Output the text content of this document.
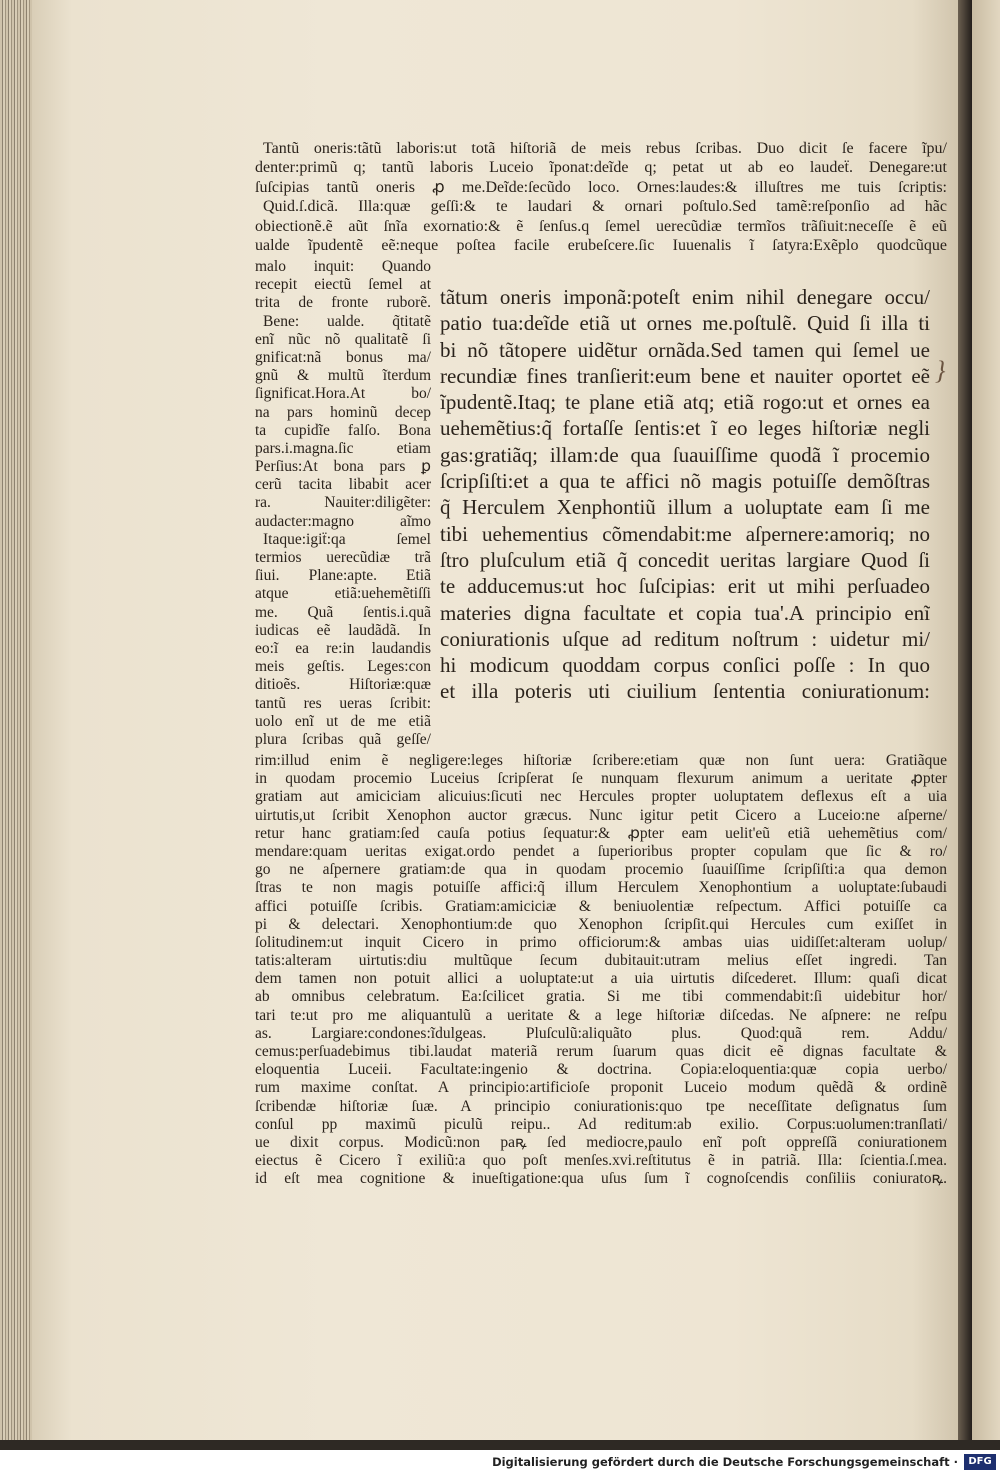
Tantũ oneris:tãtũ laboris:ut totã hiſtoriã de meis rebus ſcribas. Duo dicit ſe facere ĩpu/
denter:primũ q; tantũ laboris Luceio ĩponat:deĩde q; petat ut ab eo laudeẗ. Denegare:ut
ſuſcipias tantũ oneris ꝓ me.Deĩde:ſecũdo loco. Ornes:laudes:& illuſtres me tuis ſcriptis:
Quid.ſ.dicã. Illa:quæ geſſi:& te laudari & ornari poſtulo.Sed tamẽ:reſponſio ad hãc
obiectionẽ.ẽ aũt ſnĩa exornatio:& ẽ ſenſus.q ſemel uerecũdiæ termĩos trãſiuit:neceſſe ẽ eũ
ualde ĩpudentẽ eẽ:neque poſtea facile erubeſcere.ſic Iuuenalis ĩ ſatyra:Exẽplo quodcũque
malo inquit: Quando
recepit eiectũ ſemel at
trita de fronte ruborẽ.
Bene: ualde. q̃titatẽ
enĩ nũc nõ qualitatẽ ſi
gnificat:nã bonus ma/
gnũ & multũ ĩterdum
ſignificat.Hora.At bo/
na pars hominũ decep
ta cupidĩe falſo. Bona
pars.i.magna.ſic etiam
Perſius:At bona pars ꝑ
cerũ tacita libabit acer
ra. Nauiter:diligẽter:
audacter:magno aĩmo
Itaque:igiẗ:qa ſemel
termios uerecũdiæ trã
ſiui. Plane:apte. Etiã
atque etiã:uehemẽtiſſi
me. Quã ſentis.i.quã
iudicas eẽ laudãdã. In
eo:ĩ ea re:in laudandis
meis geſtis. Leges:con
ditioẽs. Hiſtoriæ:quæ
tantũ res ueras ſcribit:
uolo enĩ ut de me etiã
plura ſcribas quã geſſe/
tãtum oneris imponã:poteſt enim nihil denegare occu/
patio tua:deĩde etiã ut ornes me.poſtulẽ. Quid ſi illa ti
bi nõ tãtopere uidẽtur ornãda.Sed tamen qui ſemel ue
recundiæ fines tranſierit:eum bene et nauiter oportet eẽ
ĩpudentẽ.Itaq; te plane etiã atq; etiã rogo:ut et ornes ea
uehemẽtius:q̃ fortaſſe ſentis:et ĩ eo leges hiſtoriæ negli
gas:gratiãq; illam:de qua ſuauiſſime quodã ĩ procemio
ſcripſiſti:et a qua te affici nõ magis potuiſſe demõſtras
q̃ Herculem Xenphontiũ illum a uoluptate eam ſi me
tibi uehementius cõmendabit:me aſpernere:amoriq; no
ſtro pluſculum etiã q̃ concedit ueritas largiare Quod ſi
te adducemus:ut hoc ſuſcipias: erit ut mihi perſuadeo
materies digna facultate et copia tua'.A principio enĩ
coniurationis uſque ad reditum noſtrum : uidetur mi/
hi modicum quoddam corpus conſici poſſe : In quo
et illa poteris uti ciuilium ſententia coniurationum:
rim:illud enim ẽ negligere:leges hiſtoriæ ſcribere:etiam quæ non ſunt uera: Gratiãque
in quodam procemio Luceius ſcripſerat ſe nunquam flexurum animum a ueritate ꝓpter
gratiam aut amiciciam alicuius:ſicuti nec Hercules propter uoluptatem deflexus eſt a uia
uirtutis,ut ſcribit Xenophon auctor græcus. Nunc igitur petit Cicero a Luceio:ne aſperne/
retur hanc gratiam:ſed cauſa potius ſequatur:& ꝓpter eam uelit'eũ etiã uehemẽtius com/
mendare:quam ueritas exigat.ordo pendet a ſuperioribus propter copulam que ſic & ro/
go ne aſpernere gratiam:de qua in quodam procemio ſuauiſſime ſcripſiſti:a qua demon
ſtras te non magis potuiſſe affici:q̃ illum Herculem Xenophontium a uoluptate:ſubaudi
affici potuiſſe ſcribis. Gratiam:amiciciæ & beniuolentiæ reſpectum. Affici potuiſſe ca
pi & delectari. Xenophontium:de quo Xenophon ſcripſit.qui Hercules cum exiſſet in
ſolitudinem:ut inquit Cicero in primo officiorum:& ambas uias uidiſſet:alteram uolup/
tatis:alteram uirtutis:diu multũque ſecum dubitauit:utram melius eſſet ingredi. Tan
dem tamen non potuit allici a uoluptate:ut a uia uirtutis diſcederet. Illum: quaſi dicat
ab omnibus celebratum. Ea:ſcilicet gratia. Si me tibi commendabit:ſi uidebitur hor/
tari te:ut pro me aliquantulũ a ueritate & a lege hiſtoriæ diſcedas. Ne aſpnere: ne reſpu
as. Largiare:condones:ĩdulgeas. Pluſculũ:aliquãto plus. Quod:quã rem. Addu/
cemus:perſuadebimus tibi.laudat materiã rerum ſuarum quas dicit eẽ dignas facultate &
eloquentia Luceii. Facultate:ingenio & doctrina. Copia:eloquentia:quæ copia uerbo/
rum maxime conſtat. A principio:artificioſe proponit Luceio modum quẽdã & ordinẽ
ſcribendæ hiſtoriæ ſuæ. A principio coniurationis:quo tpe neceſſitate deſignatus ſum
conſul pp maximũ piculũ reipu.. Ad reditum:ab exilio. Corpus:uolumen:tranſlati/
ue dixit corpus. Modicũ:non paꝶ ſed mediocre,paulo enĩ poſt oppreſſã coniurationem
eiectus ẽ Cicero ĩ exiliũ:a quo poſt menſes.xvi.reſtitutus ẽ in patriã. Illa: ſcientia.ſ.mea.
id eſt mea cognitione & inueſtigatione:qua uſus ſum ĩ cognoſcendis conſiliis coniuratoꝶ.
}
Digitalisierung gefördert durch die Deutsche Forschungsgemeinschaft ·	DFG
